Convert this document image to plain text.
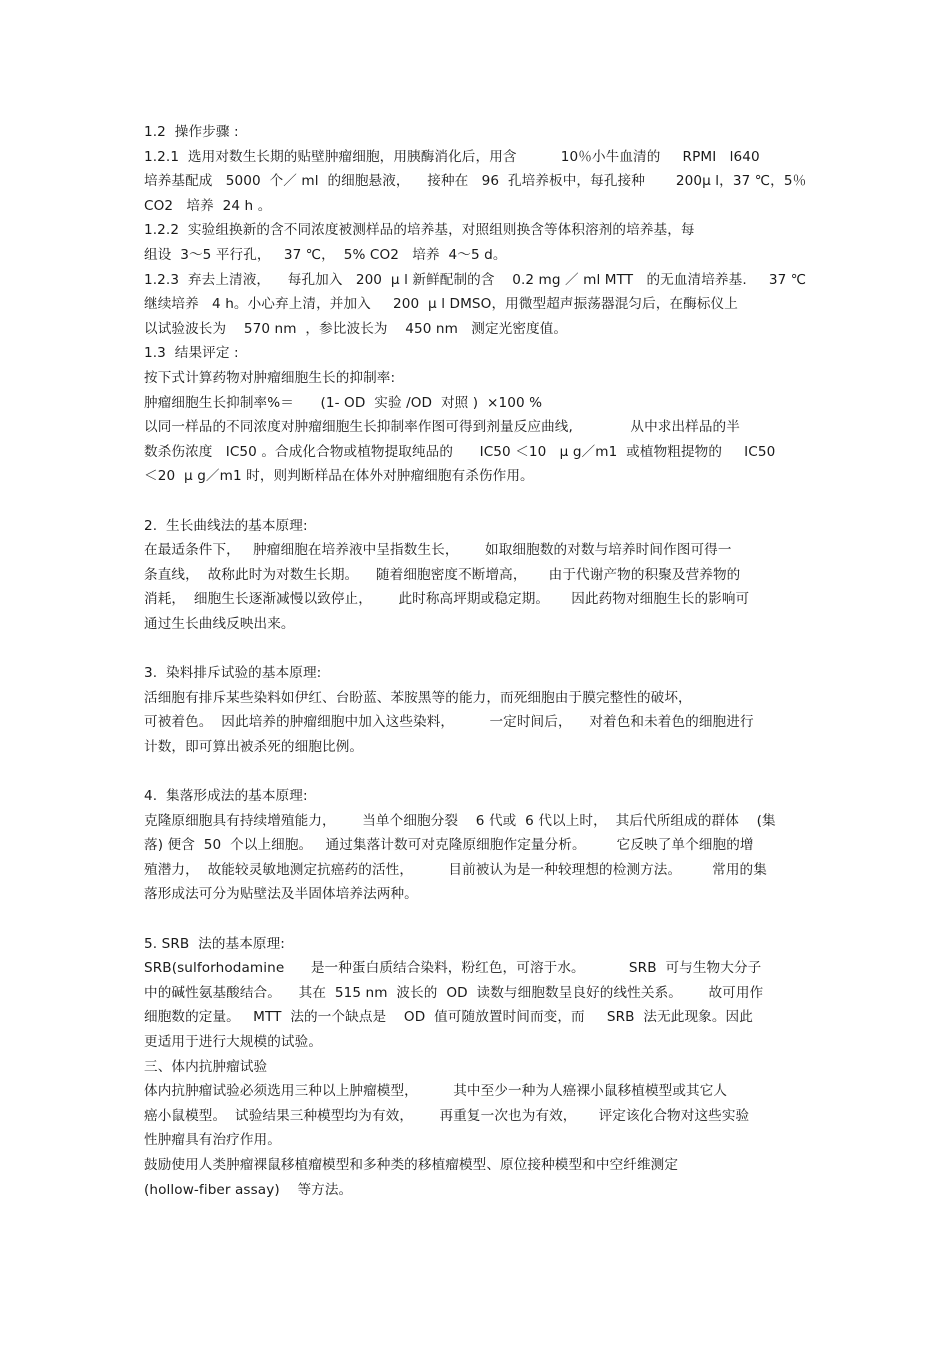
1.2  操作步骤 :
1.2.1  选用对数生长期的贴壁肿瘤细胞，用胰酶消化后，用含          10％小牛血清的     RPMI   l640
培养基配成   5000  个／ ml  的细胞悬液，    接种在   96  孔培养板中，每孔接种       200μ l，37 ℃，5％
CO2   培养  24 h 。
1.2.2  实验组换新的含不同浓度被测样品的培养基，对照组则换含等体积溶剂的培养基，每
组设  3～5 平行孔，   37 ℃，  5% CO2   培养  4～5 d。
1.2.3  弃去上清液，    每孔加入   200  μ l 新鲜配制的含    0.2 mg ／ ml MTT   的无血清培养基.     37 ℃
继续培养   4 h。小心弃上清，并加入     200  μ l DMSO，用微型超声振荡器混匀后，在酶标仪上
以试验波长为    570 nm  ，参比波长为    450 nm   测定光密度值。
1.3  结果评定 :
按下式计算药物对肿瘤细胞生长的抑制率:
肿瘤细胞生长抑制率%＝      (1- OD  实验 /OD  对照 )  ×100 %
以同一样品的不同浓度对肿瘤细胞生长抑制率作图可得到剂量反应曲线,             从中求出样品的半
数杀伤浓度   IC50 。合成化合物或植物提取纯品的      IC50 ＜10   μ g／m1  或植物粗提物的     IC50
＜20  μ g／m1 时，则判断样品在体外对肿瘤细胞有杀伤作用。
2.  生长曲线法的基本原理:
在最适条件下，   肿瘤细胞在培养液中呈指数生长，      如取细胞数的对数与培养时间作图可得一
条直线，  故称此时为对数生长期。    随着细胞密度不断增高，     由于代谢产物的积聚及营养物的
消耗，  细胞生长逐渐减慢以致停止，      此时称高坪期或稳定期。     因此药物对细胞生长的影响可
通过生长曲线反映出来。
3.  染料排斥试验的基本原理:
活细胞有排斥某些染料如伊红、台盼蓝、苯胺黑等的能力，而死细胞由于膜完整性的破坏，
可被着色。  因此培养的肿瘤细胞中加入这些染料，        一定时间后，    对着色和未着色的细胞进行
计数，即可算出被杀死的细胞比例。
4.  集落形成法的基本原理:
克隆原细胞具有持续增殖能力，      当单个细胞分裂    6 代或  6 代以上时，  其后代所组成的群体    (集
落) 便含  50  个以上细胞。   通过集落计数可对克隆原细胞作定量分析。       它反映了单个细胞的增
殖潜力，  故能较灵敏地测定抗癌药的活性，        目前被认为是一种较理想的检测方法。       常用的集
落形成法可分为贴壁法及半固体培养法两种。
5. SRB  法的基本原理:
SRB(sulforhodamine      是一种蛋白质结合染料，粉红色，可溶于水。          SRB  可与生物大分子
中的碱性氨基酸结合。    其在  515 nm  波长的  OD  读数与细胞数呈良好的线性关系。      故可用作
细胞数的定量。   MTT  法的一个缺点是    OD  值可随放置时间而变，而     SRB  法无此现象。因此
更适用于进行大规模的试验。
三、体内抗肿瘤试验
体内抗肿瘤试验必须选用三种以上肿瘤模型，        其中至少一种为人癌裸小鼠移植模型或其它人
癌小鼠模型。  试验结果三种模型均为有效，      再重复一次也为有效，     评定该化合物对这些实验
性肿瘤具有治疗作用。
鼓励使用人类肿瘤裸鼠移植瘤模型和多种类的移植瘤模型、原位接种模型和中空纤维测定
(hollow-fiber assay)    等方法。
